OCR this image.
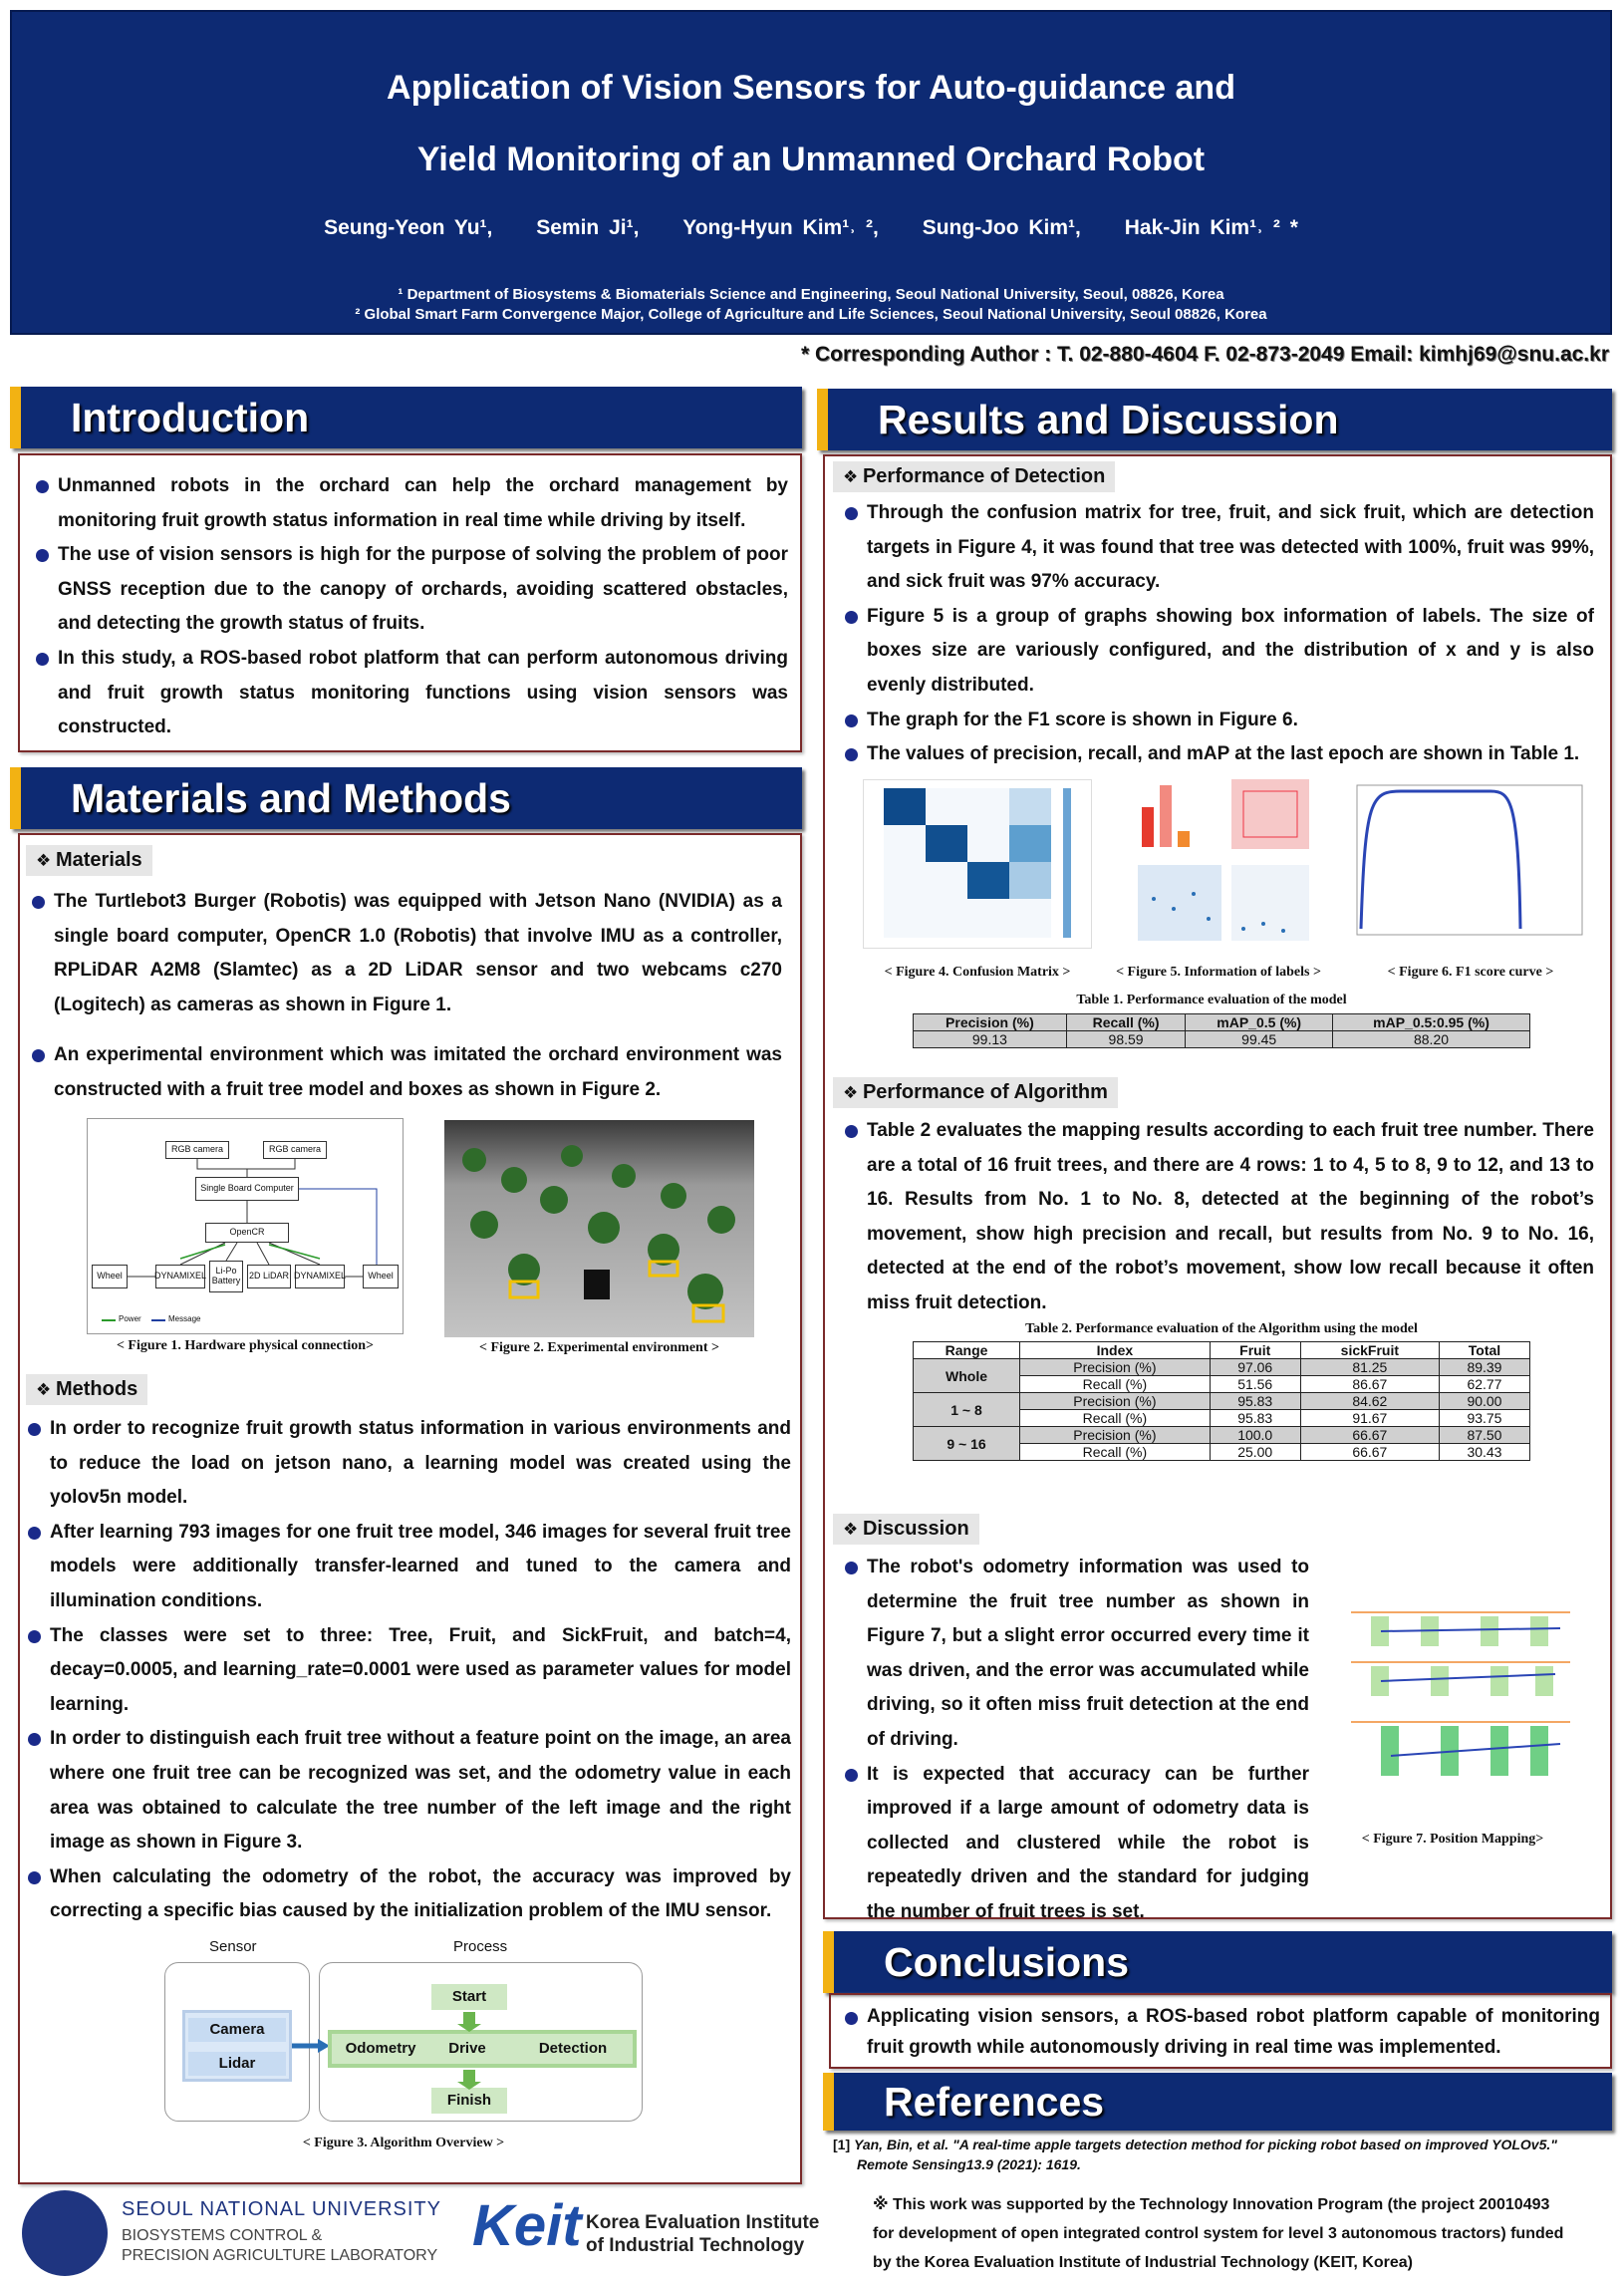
Application of Vision Sensors for Auto-guidance and
Yield Monitoring of an Unmanned Orchard Robot
Seung-Yeon Yu¹, Semin Ji¹, Yong-Hyun Kim¹˒ ², Sung-Joo Kim¹, Hak-Jin Kim¹˒ ² *
¹ Department of Biosystems & Biomaterials Science and Engineering, Seoul National University, Seoul, 08826, Korea
² Global Smart Farm Convergence Major, College of Agriculture and Life Sciences, Seoul National University, Seoul 08826, Korea
* Corresponding Author : T. 02-880-4604 F. 02-873-2049 Email: kimhj69@snu.ac.kr
Introduction
Unmanned robots in the orchard can help the orchard management by monitoring fruit growth status information in real time while driving by itself.
The use of vision sensors is high for the purpose of solving the problem of poor GNSS reception due to the canopy of orchards, avoiding scattered obstacles, and detecting the growth status of fruits.
In this study, a ROS-based robot platform that can perform autonomous driving and fruit growth status monitoring functions using vision sensors was constructed.
Materials and Methods
❖ Materials
The Turtlebot3 Burger (Robotis) was equipped with Jetson Nano (NVIDIA) as a single board computer, OpenCR 1.0 (Robotis) that involve IMU as a controller, RPLiDAR A2M8 (Slamtec) as a 2D LiDAR sensor and two webcams c270 (Logitech) as cameras as shown in Figure 1.
An experimental environment which was imitated the orchard environment was constructed with a fruit tree model and boxes as shown in Figure 2.
RGB camera	RGB camera
Single Board Computer
OpenCR
Wheel	DYNAMIXEL	Li-Po Battery 2D LiDAR DYNAMIXEL	Wheel
Power	Message
< Figure 1. Hardware physical connection>	< Figure 2. Experimental environment >
❖ Methods
In order to recognize fruit growth status information in various environments and to reduce the load on jetson nano, a learning model was created using the yolov5n model.
After learning 793 images for one fruit tree model, 346 images for several fruit tree models were additionally transfer-learned and tuned to the camera and illumination conditions.
The classes were set to three: Tree, Fruit, and SickFruit, and batch=4, decay=0.0005, and learning_rate=0.0001 were used as parameter values for model learning.
In order to distinguish each fruit tree without a feature point on the image, an area where one fruit tree can be recognized was set, and the odometry value in each area was obtained to calculate the tree number of the left image and the right image as shown in Figure 3.
When calculating the odometry of the robot, the accuracy was improved by correcting a specific bias caused by the initialization problem of the IMU sensor.
Sensor	Process
Camera
Lidar
Start
Odometry	Drive	Detection
Finish
< Figure 3. Algorithm Overview >
Results and Discussion
❖ Performance of Detection
Through the confusion matrix for tree, fruit, and sick fruit, which are detection targets in Figure 4, it was found that tree was detected with 100%, fruit was 99%, and sick fruit was 97% accuracy.
Figure 5 is a group of graphs showing box information of labels. The size of boxes size are variously configured, and the distribution of x and y is also evenly distributed.
The graph for the F1 score is shown in Figure 6.
The values of precision, recall, and mAP at the last epoch are shown in Table 1.
< Figure 4. Confusion Matrix >	< Figure 5. Information of labels >	< Figure 6. F1 score curve >
Table 1. Performance evaluation of the model
Precision (%)	Recall (%)	mAP_0.5 (%)	mAP_0.5:0.95 (%)
99.13	98.59	99.45	88.20
❖ Performance of Algorithm
Table 2 evaluates the mapping results according to each fruit tree number. There are a total of 16 fruit trees, and there are 4 rows: 1 to 4, 5 to 8, 9 to 12, and 13 to 16. Results from No. 1 to No. 8, detected at the beginning of the robot’s movement, show high precision and recall, but results from No. 9 to No. 16, detected at the end of the robot’s movement, show low recall because it often miss fruit detection.
Table 2. Performance evaluation of the Algorithm using the model
Range	Index	Fruit	sickFruit	Total
Whole	Precision (%)	97.06	81.25	89.39
	Recall (%)	51.56	86.67	62.77
1 ~ 8	Precision (%)	95.83	84.62	90.00
	Recall (%)	95.83	91.67	93.75
9 ~ 16	Precision (%)	100.0	66.67	87.50
	Recall (%)	25.00	66.67	30.43
❖ Discussion
The robot's odometry information was used to determine the fruit tree number as shown in Figure 7, but a slight error occurred every time it was driven, and the error was accumulated while driving, so it often miss fruit detection at the end of driving.
It is expected that accuracy can be further improved if a large amount of odometry data is collected and clustered while the robot is repeatedly driven and the standard for judging the number of fruit trees is set.
< Figure 7. Position Mapping>
Conclusions
Applicating vision sensors, a ROS-based robot platform capable of monitoring fruit growth while autonomously driving in real time was implemented.
References
[1] Yan, Bin, et al. "A real-time apple targets detection method for picking robot based on improved YOLOv5."
Remote Sensing13.9 (2021): 1619.
SEOUL NATIONAL UNIVERSITY
BIOSYSTEMS CONTROL &
PRECISION AGRICULTURE LABORATORY Keit Korea Evaluation Institute
of Industrial Technology
※ This work was supported by the Technology Innovation Program (the project 20010493
for development of open integrated control system for level 3 autonomous tractors) funded
by the Korea Evaluation Institute of Industrial Technology (KEIT, Korea)
